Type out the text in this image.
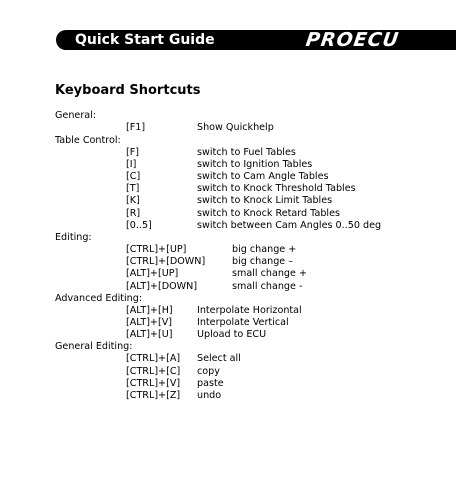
Quick Start Guide	PROECU
Keyboard Shortcuts
General:
[F1]	Show Quickhelp
Table Control:
[F]	switch to Fuel Tables
[I]	switch to Ignition Tables
[C]	switch to Cam Angle Tables
[T]	switch to Knock Threshold Tables
[K]	switch to Knock Limit Tables
[R]	switch to Knock Retard Tables
[0..5]	switch between Cam Angles 0..50 deg
Editing:
[CTRL]+[UP]	big change +
[CTRL]+[DOWN]	big change –
[ALT]+[UP]	small change +
[ALT]+[DOWN]	small change -
Advanced Editing:
[ALT]+[H]	Interpolate Horizontal
[ALT]+[V]	Interpolate Vertical
[ALT]+[U]	Upload to ECU
General Editing:
[CTRL]+[A] Select all
[CTRL]+[C] copy
[CTRL]+[V] paste
[CTRL]+[Z] undo
